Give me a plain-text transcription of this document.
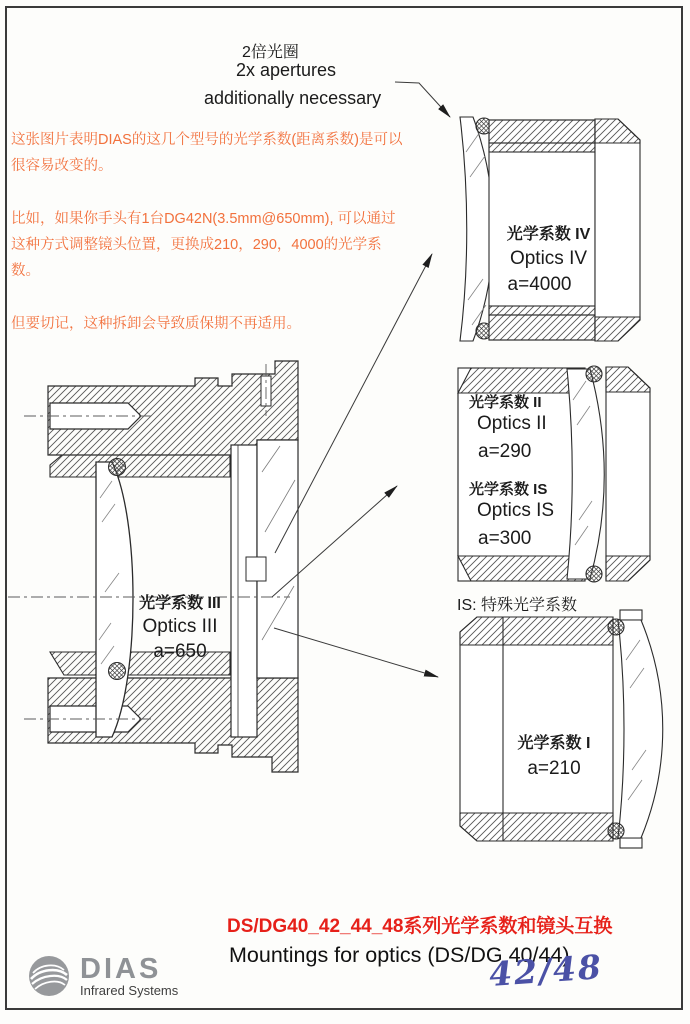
2倍光圈
2x apertures
additionally necessary

这张图片表明DIAS的这几个型号的光学系数(距离系数)是可以很容易改变的。

比如，如果你手头有1台DG42N(3.5mm@650mm), 可以通过这种方式调整镜头位置，更换成210，290，4000的光学系数。

但要切记，这种拆卸会导致质保期不再适用。

光学系数 III
Optics III
a=650
光学系数 IV
Optics IV
a=4000
光学系数 II
Optics II
a=290
光学系数 IS
Optics IS
a=300
IS: 特殊光学系数
光学系数 I
a=210
DS/DG40_42_44_48系列光学系数和镜头互换
Mountings for optics (DS/DG 40/44)
42/48
DIAS
Infrared Systems
